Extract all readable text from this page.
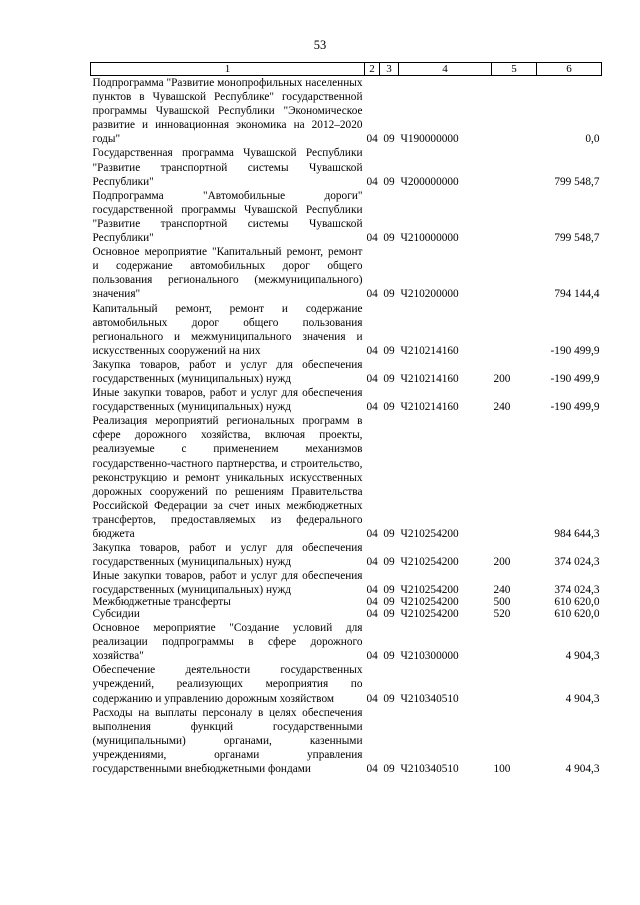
53
1	2	3	4	5	6
Подпрограмма "Развитие монопрофильных населенных пунктов в Чувашской Республике" государственной программы Чувашской Республики "Экономическое развитие и инновационная экономика на 2012–2020 годы"	04	09	Ч190000000		0,0
Государственная программа Чувашской Республики "Развитие транспортной системы Чувашской Республики"	04	09	Ч200000000		799 548,7
Подпрограмма "Автомобильные дороги" государственной программы Чувашской Республики "Развитие транспортной системы Чувашской Республики"	04	09	Ч210000000		799 548,7
Основное мероприятие "Капитальный ремонт, ремонт и содержание автомобильных дорог общего пользования регионального (межмуниципального) значения"	04	09	Ч210200000		794 144,4
Капитальный ремонт, ремонт и содержание автомобильных дорог общего пользования регионального и межмуниципального значения и искусственных сооружений на них	04	09	Ч210214160		-190 499,9
Закупка товаров, работ и услуг для обеспечения государственных (муниципальных) нужд	04	09	Ч210214160	200	-190 499,9
Иные закупки товаров, работ и услуг для обеспечения государственных (муниципальных) нужд	04	09	Ч210214160	240	-190 499,9
Реализация мероприятий региональных программ в сфере дорожного хозяйства, включая проекты, реализуемые с применением механизмов государственно-частного партнерства, и строительство, реконструкцию и ремонт уникальных искусственных дорожных сооружений по решениям Правительства Российской Федерации за счет иных межбюджетных трансфертов, предоставляемых из федерального бюджета	04	09	Ч210254200		984 644,3
Закупка товаров, работ и услуг для обеспечения государственных (муниципальных) нужд	04	09	Ч210254200	200	374 024,3
Иные закупки товаров, работ и услуг для обеспечения государственных (муниципальных) нужд	04	09	Ч210254200	240	374 024,3
Межбюджетные трансферты	04	09	Ч210254200	500	610 620,0
Субсидии	04	09	Ч210254200	520	610 620,0
Основное мероприятие "Создание условий для реализации подпрограммы в сфере дорожного хозяйства"	04	09	Ч210300000		4 904,3
Обеспечение деятельности государственных учреждений, реализующих мероприятия по содержанию и управлению дорожным хозяйством	04	09	Ч210340510		4 904,3
Расходы на выплаты персоналу в целях обеспечения выполнения функций государственными (муниципальными) органами, казенными учреждениями, органами управления государственными внебюджетными фондами	04	09	Ч210340510	100	4 904,3
